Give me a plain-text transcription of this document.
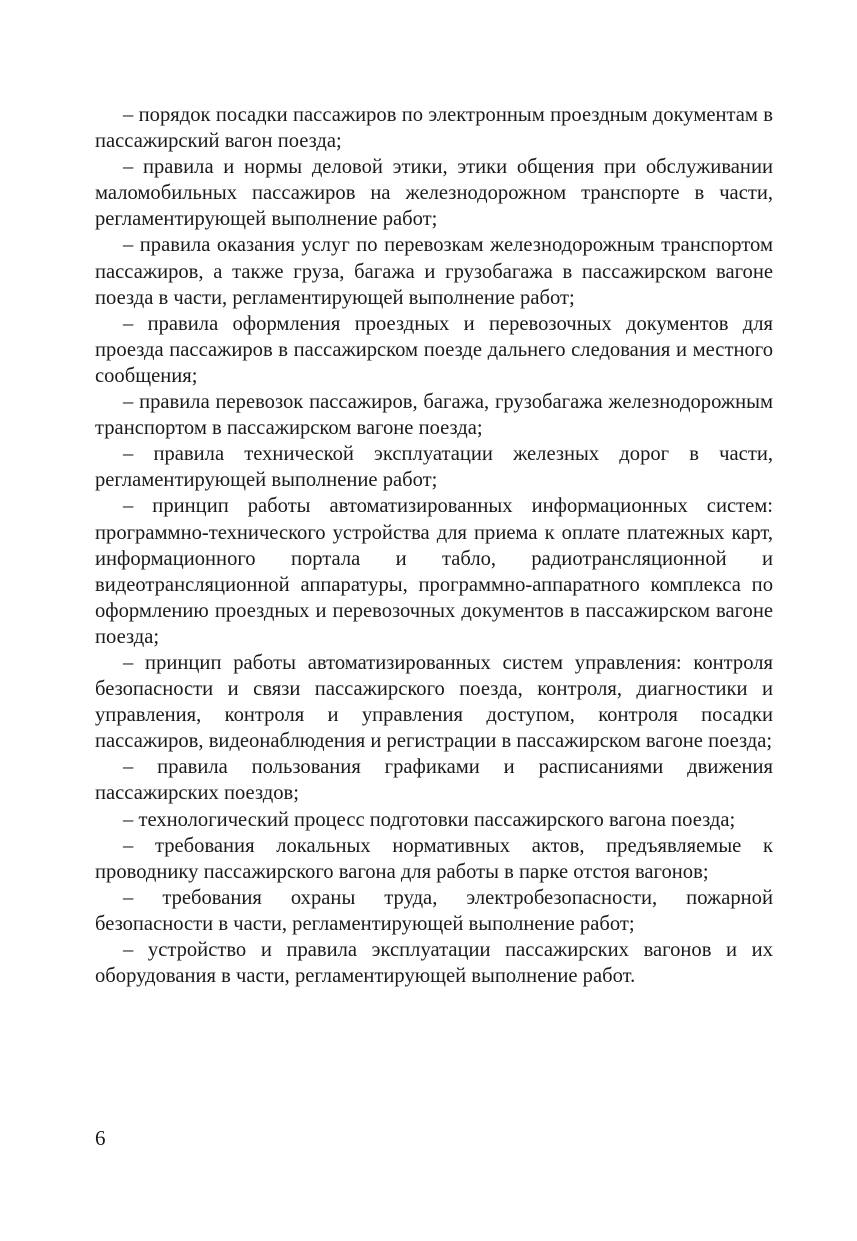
– порядок посадки пассажиров по электронным проездным документам в пассажирский вагон поезда;

– правила и нормы деловой этики, этики общения при обслуживании маломобильных пассажиров на железнодорожном транспорте в части, регламентирующей выполнение работ;

– правила оказания услуг по перевозкам железнодорожным транспортом пассажиров, а также груза, багажа и грузобагажа в пассажирском вагоне поезда в части, регламентирующей выполнение работ;

– правила оформления проездных и перевозочных документов для проезда пассажиров в пассажирском поезде дальнего следования и местного сообщения;

– правила перевозок пассажиров, багажа, грузобагажа железнодорожным транспортом в пассажирском вагоне поезда;

– правила технической эксплуатации железных дорог в части, регламентирующей выполнение работ;

– принцип работы автоматизированных информационных систем: программно-технического устройства для приема к оплате платежных карт, информационного портала и табло, радиотрансляционной и видеотрансляционной аппаратуры, программно-аппаратного комплекса по оформлению проездных и перевозочных документов в пассажирском вагоне поезда;

– принцип работы автоматизированных систем управления: контроля безопасности и связи пассажирского поезда, контроля, диагностики и управления, контроля и управления доступом, контроля посадки пассажиров, видеонаблюдения и регистрации в пассажирском вагоне поезда;

– правила пользования графиками и расписаниями движения пассажирских поездов;

– технологический процесс подготовки пассажирского вагона поезда;

– требования локальных нормативных актов, предъявляемые к проводнику пассажирского вагона для работы в парке отстоя вагонов;

– требования охраны труда, электробезопасности, пожарной безопасности в части, регламентирующей выполнение работ;

– устройство и правила эксплуатации пассажирских вагонов и их оборудования в части, регламентирующей выполнение работ.

6
